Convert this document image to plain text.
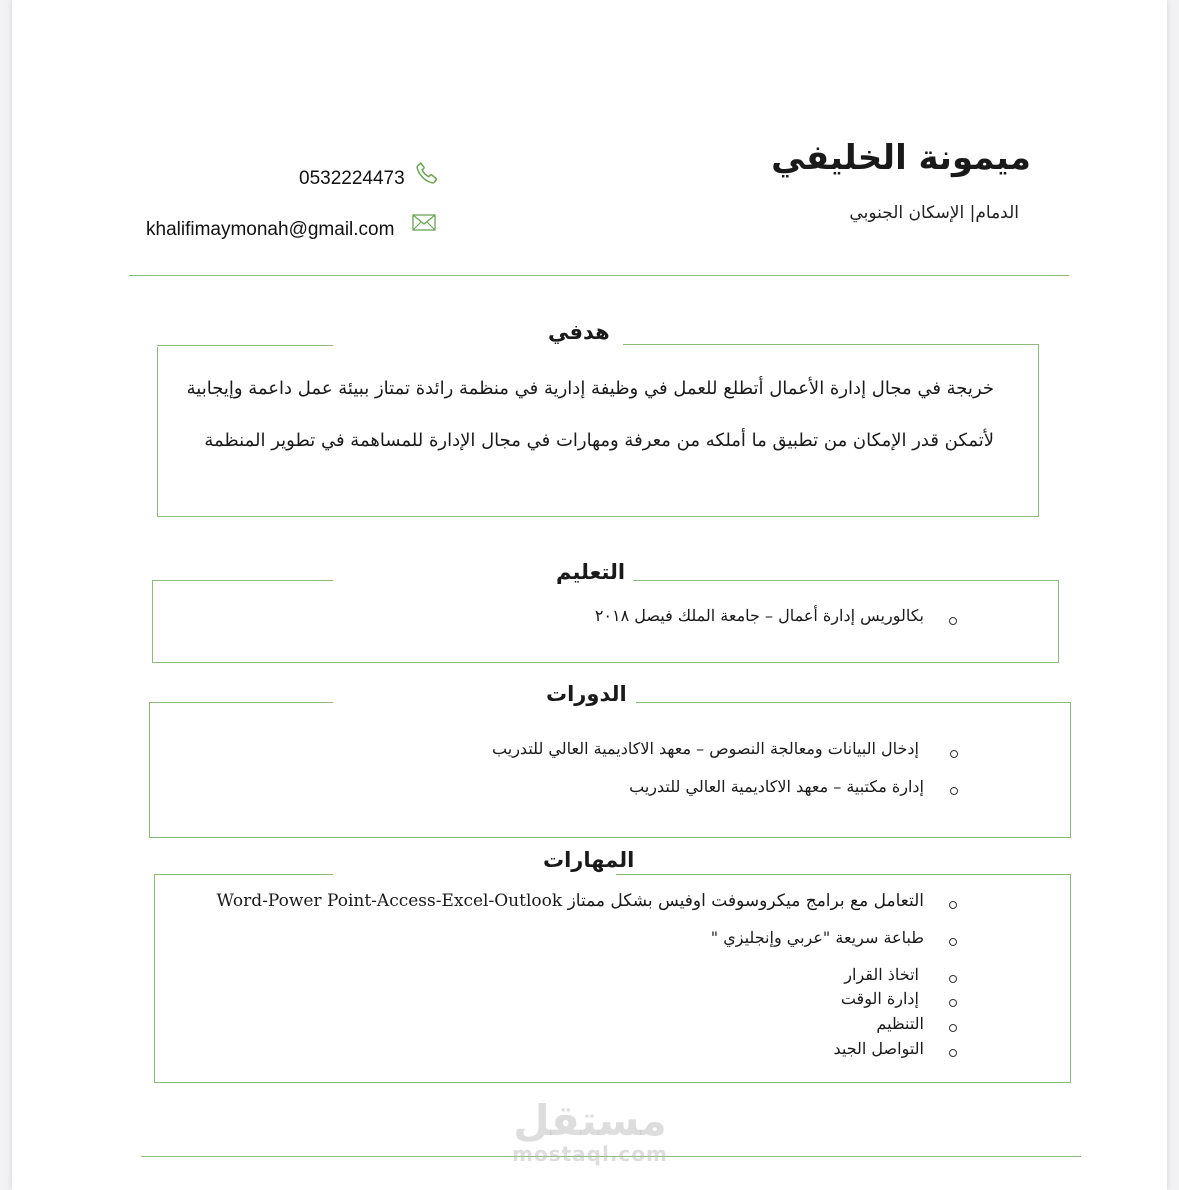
ميمونة الخليفي
الدمام| الإسكان الجنوبي
0532224473
khalifimaymonah@gmail.com
هدفي
خريجة في مجال إدارة الأعمال أتطلع للعمل في وظيفة إدارية في منظمة رائدة تمتاز ببيئة عمل داعمة وإيجابية
لأتمكن قدر الإمكان من تطبيق ما أملكه من معرفة ومهارات في مجال الإدارة للمساهمة في تطوير المنظمة
التعليم
بكالوريس إدارة أعمال – جامعة الملك فيصل ٢٠١٨
الدورات
إدخال البيانات ومعالجة النصوص – معهد الاكاديمية العالي للتدريب
إدارة مكتبية – معهد الاكاديمية العالي للتدريب
المهارات
التعامل مع برامج ميكروسوفت اوفيس بشكل ممتاز Word-Power Point-Access-Excel-Outlook
طباعة سريعة "عربي وإنجليزي "
اتخاذ القرار
إدارة الوقت
التنظيم
التواصل الجيد
مستقل
mostaql.com
